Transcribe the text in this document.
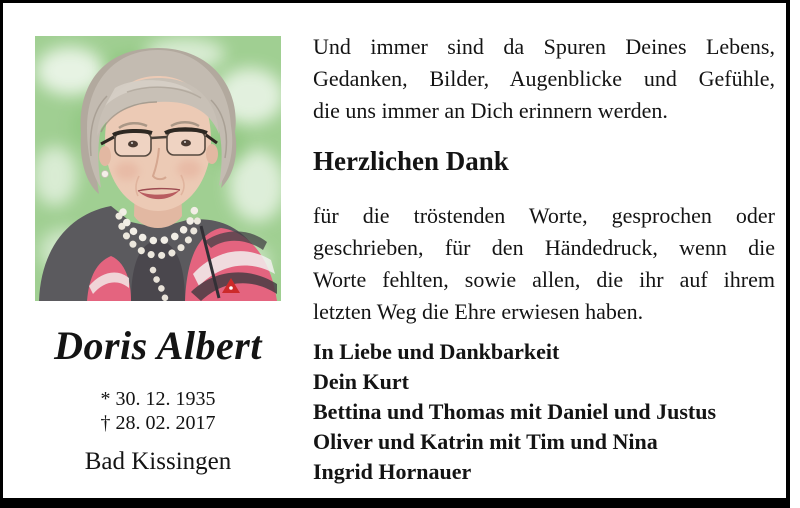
Doris Albert
* 30. 12. 1935
† 28. 02. 2017
Bad Kissingen
Und immer sind da Spuren Deines Lebens,
Gedanken, Bilder, Augenblicke und Gefühle,
die uns immer an Dich erinnern werden.
Herzlichen Dank
für die tröstenden Worte, gesprochen oder
geschrieben, für den Händedruck, wenn die
Worte fehlten, sowie allen, die ihr auf ihrem
letzten Weg die Ehre erwiesen haben.
In Liebe und Dankbarkeit
Dein Kurt
Bettina und Thomas mit Daniel und Justus
Oliver und Katrin mit Tim und Nina
Ingrid Hornauer
